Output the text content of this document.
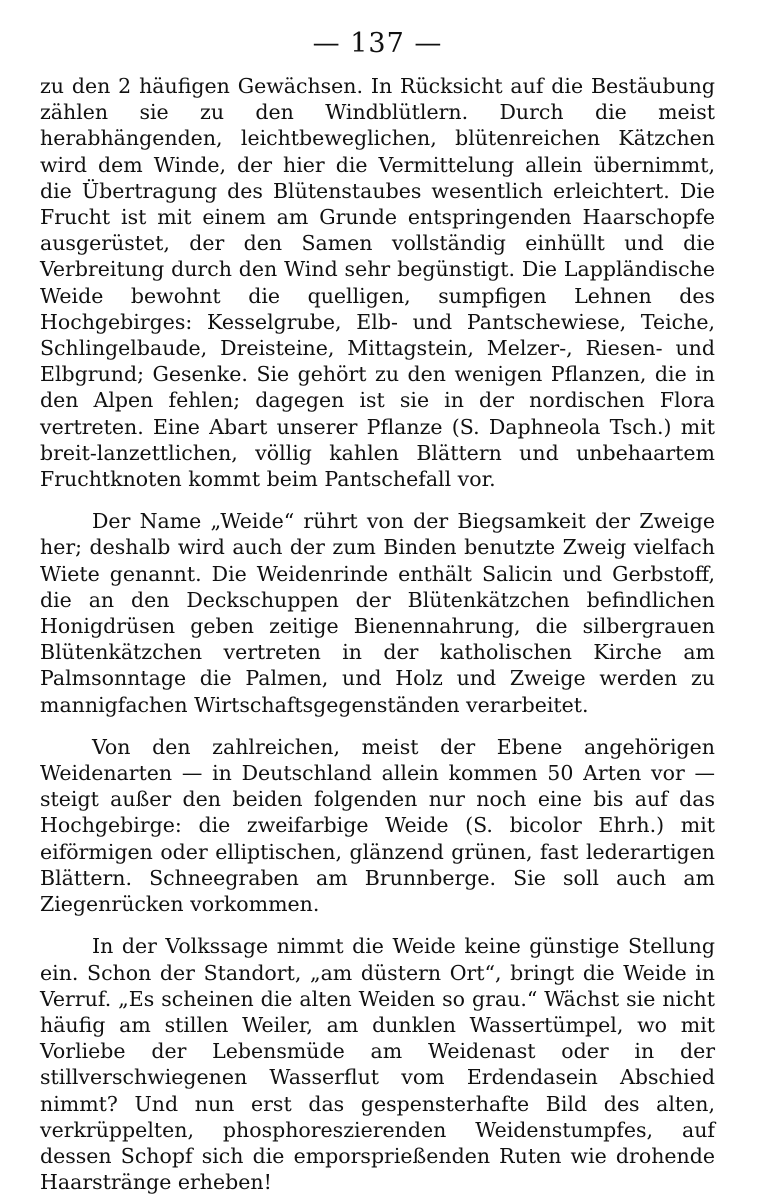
— 137 —

zu den 2 häufigen Gewächsen. In Rücksicht auf die Bestäubung zählen sie zu den Windblütlern. Durch die meist herabhängenden, leichtbeweglichen, blütenreichen Kätzchen wird dem Winde, der hier die Vermittelung allein übernimmt, die Übertragung des Blütenstaubes wesentlich erleichtert. Die Frucht ist mit einem am Grunde entspringenden Haarschopfe ausgerüstet, der den Samen vollständig einhüllt und die Verbreitung durch den Wind sehr begünstigt. Die Lappländische Weide bewohnt die quelligen, sumpfigen Lehnen des Hochgebirges: Kesselgrube, Elb- und Pantschewiese, Teiche, Schlingelbaude, Dreisteine, Mittagstein, Melzer-, Riesen- und Elbgrund; Gesenke. Sie gehört zu den wenigen Pflanzen, die in den Alpen fehlen; dagegen ist sie in der nordischen Flora vertreten. Eine Abart unserer Pflanze (S. Daphneola Tsch.) mit breit-lanzettlichen, völlig kahlen Blättern und unbehaartem Fruchtknoten kommt beim Pantschefall vor.

Der Name „Weide“ rührt von der Biegsamkeit der Zweige her; deshalb wird auch der zum Binden benutzte Zweig vielfach Wiete genannt. Die Weidenrinde enthält Salicin und Gerbstoff, die an den Deckschuppen der Blütenkätzchen befindlichen Honigdrüsen geben zeitige Bienennahrung, die silbergrauen Blütenkätzchen vertreten in der katholischen Kirche am Palmsonntage die Palmen, und Holz und Zweige werden zu mannigfachen Wirtschaftsgegenständen verarbeitet.

Von den zahlreichen, meist der Ebene angehörigen Weidenarten — in Deutschland allein kommen 50 Arten vor — steigt außer den beiden folgenden nur noch eine bis auf das Hochgebirge: die zweifarbige Weide (S. bicolor Ehrh.) mit eiförmigen oder elliptischen, glänzend grünen, fast lederartigen Blättern. Schneegraben am Brunnberge. Sie soll auch am Ziegenrücken vorkommen.

In der Volkssage nimmt die Weide keine günstige Stellung ein. Schon der Standort, „am düstern Ort“, bringt die Weide in Verruf. „Es scheinen die alten Weiden so grau.“ Wächst sie nicht häufig am stillen Weiler, am dunklen Wassertümpel, wo mit Vorliebe der Lebensmüde am Weidenast oder in der stillverschwiegenen Wasserflut vom Erdendasein Abschied nimmt? Und nun erst das gespensterhafte Bild des alten, verkrüppelten, phosphoreszierenden Weidenstumpfes, auf dessen Schopf sich die emporsprießenden Ruten wie drohende Haarstränge erheben!
